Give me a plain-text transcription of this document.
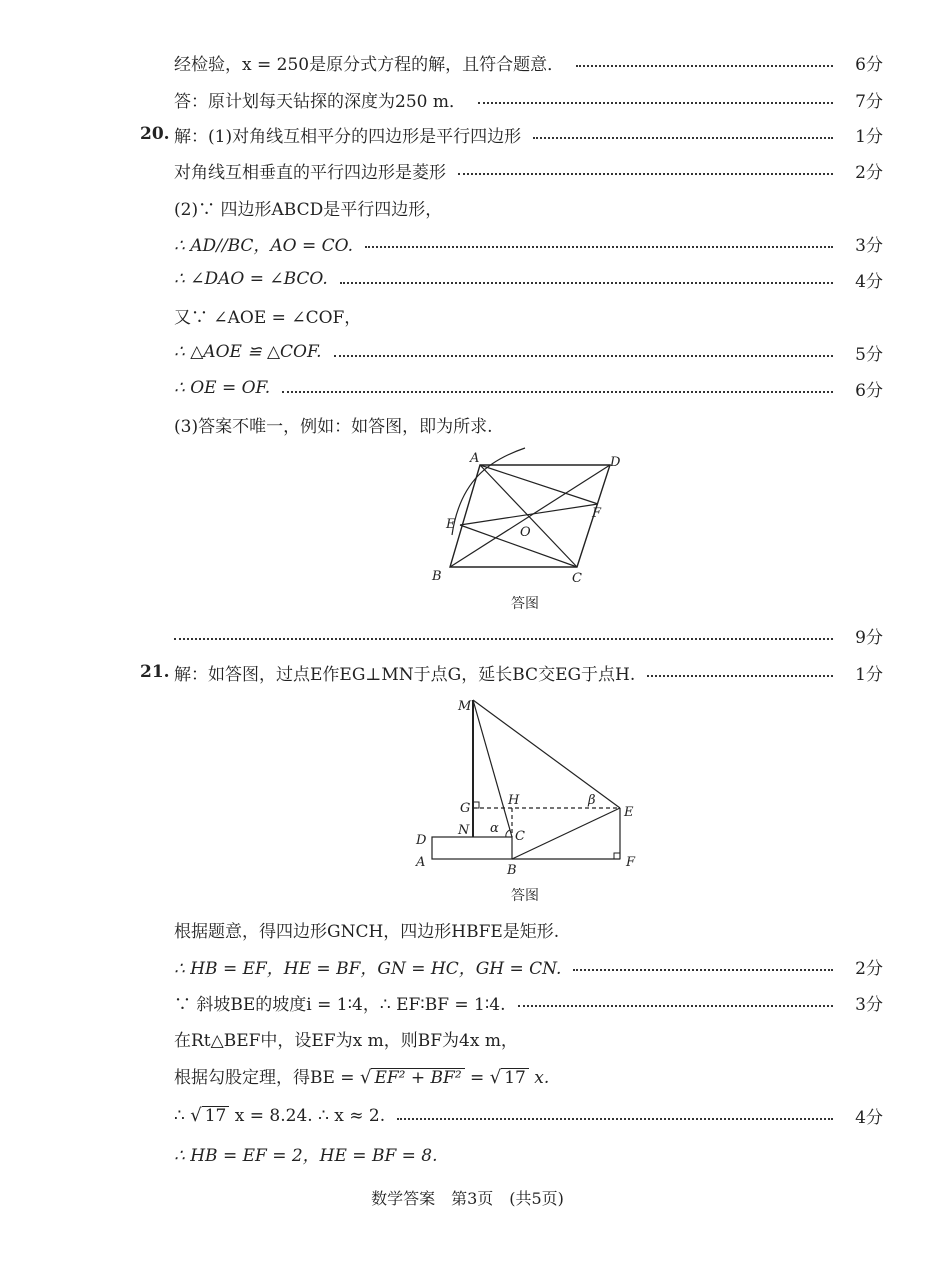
经检验，x = 250是原分式方程的解，且符合题意．	6分
答：原计划每天钻探的深度为250 m．	7分
20. 解：(1)对角线互相平分的四边形是平行四边形	1分
对角线互相垂直的平行四边形是菱形	2分
(2)∵ 四边形ABCD是平行四边形，
∴ AD//BC，AO = CO.	3分
∴ ∠DAO = ∠BCO.	4分
又∵ ∠AOE = ∠COF，
∴ △AOE ≌ △COF.	5分
∴ OE = OF.	6分
(3)答案不唯一，例如：如答图，即为所求.
A	D
E
F
O
B	C
答图
9分
21. 解：如答图，过点E作EG⊥MN于点G，延长BC交EG于点H.	1分
M
G
H	β
E
N α
C
D
A
B
F
答图
根据题意，得四边形GNCH，四边形HBFE是矩形.
∴ HB = EF，HE = BF，GN = HC，GH = CN.	2分
∵ 斜坡BE的坡度i = 1∶4，∴ EF∶BF = 1∶4.	3分
在Rt△BEF中，设EF为x m，则BF为4x m，
根据勾股定理，得BE = √ EF² + BF² = √ 17 x.
∴ √ 17 x = 8.24. ∴ x ≈ 2.	4分
∴ HB = EF = 2，HE = BF = 8.
数学答案　第3页　(共5页)
